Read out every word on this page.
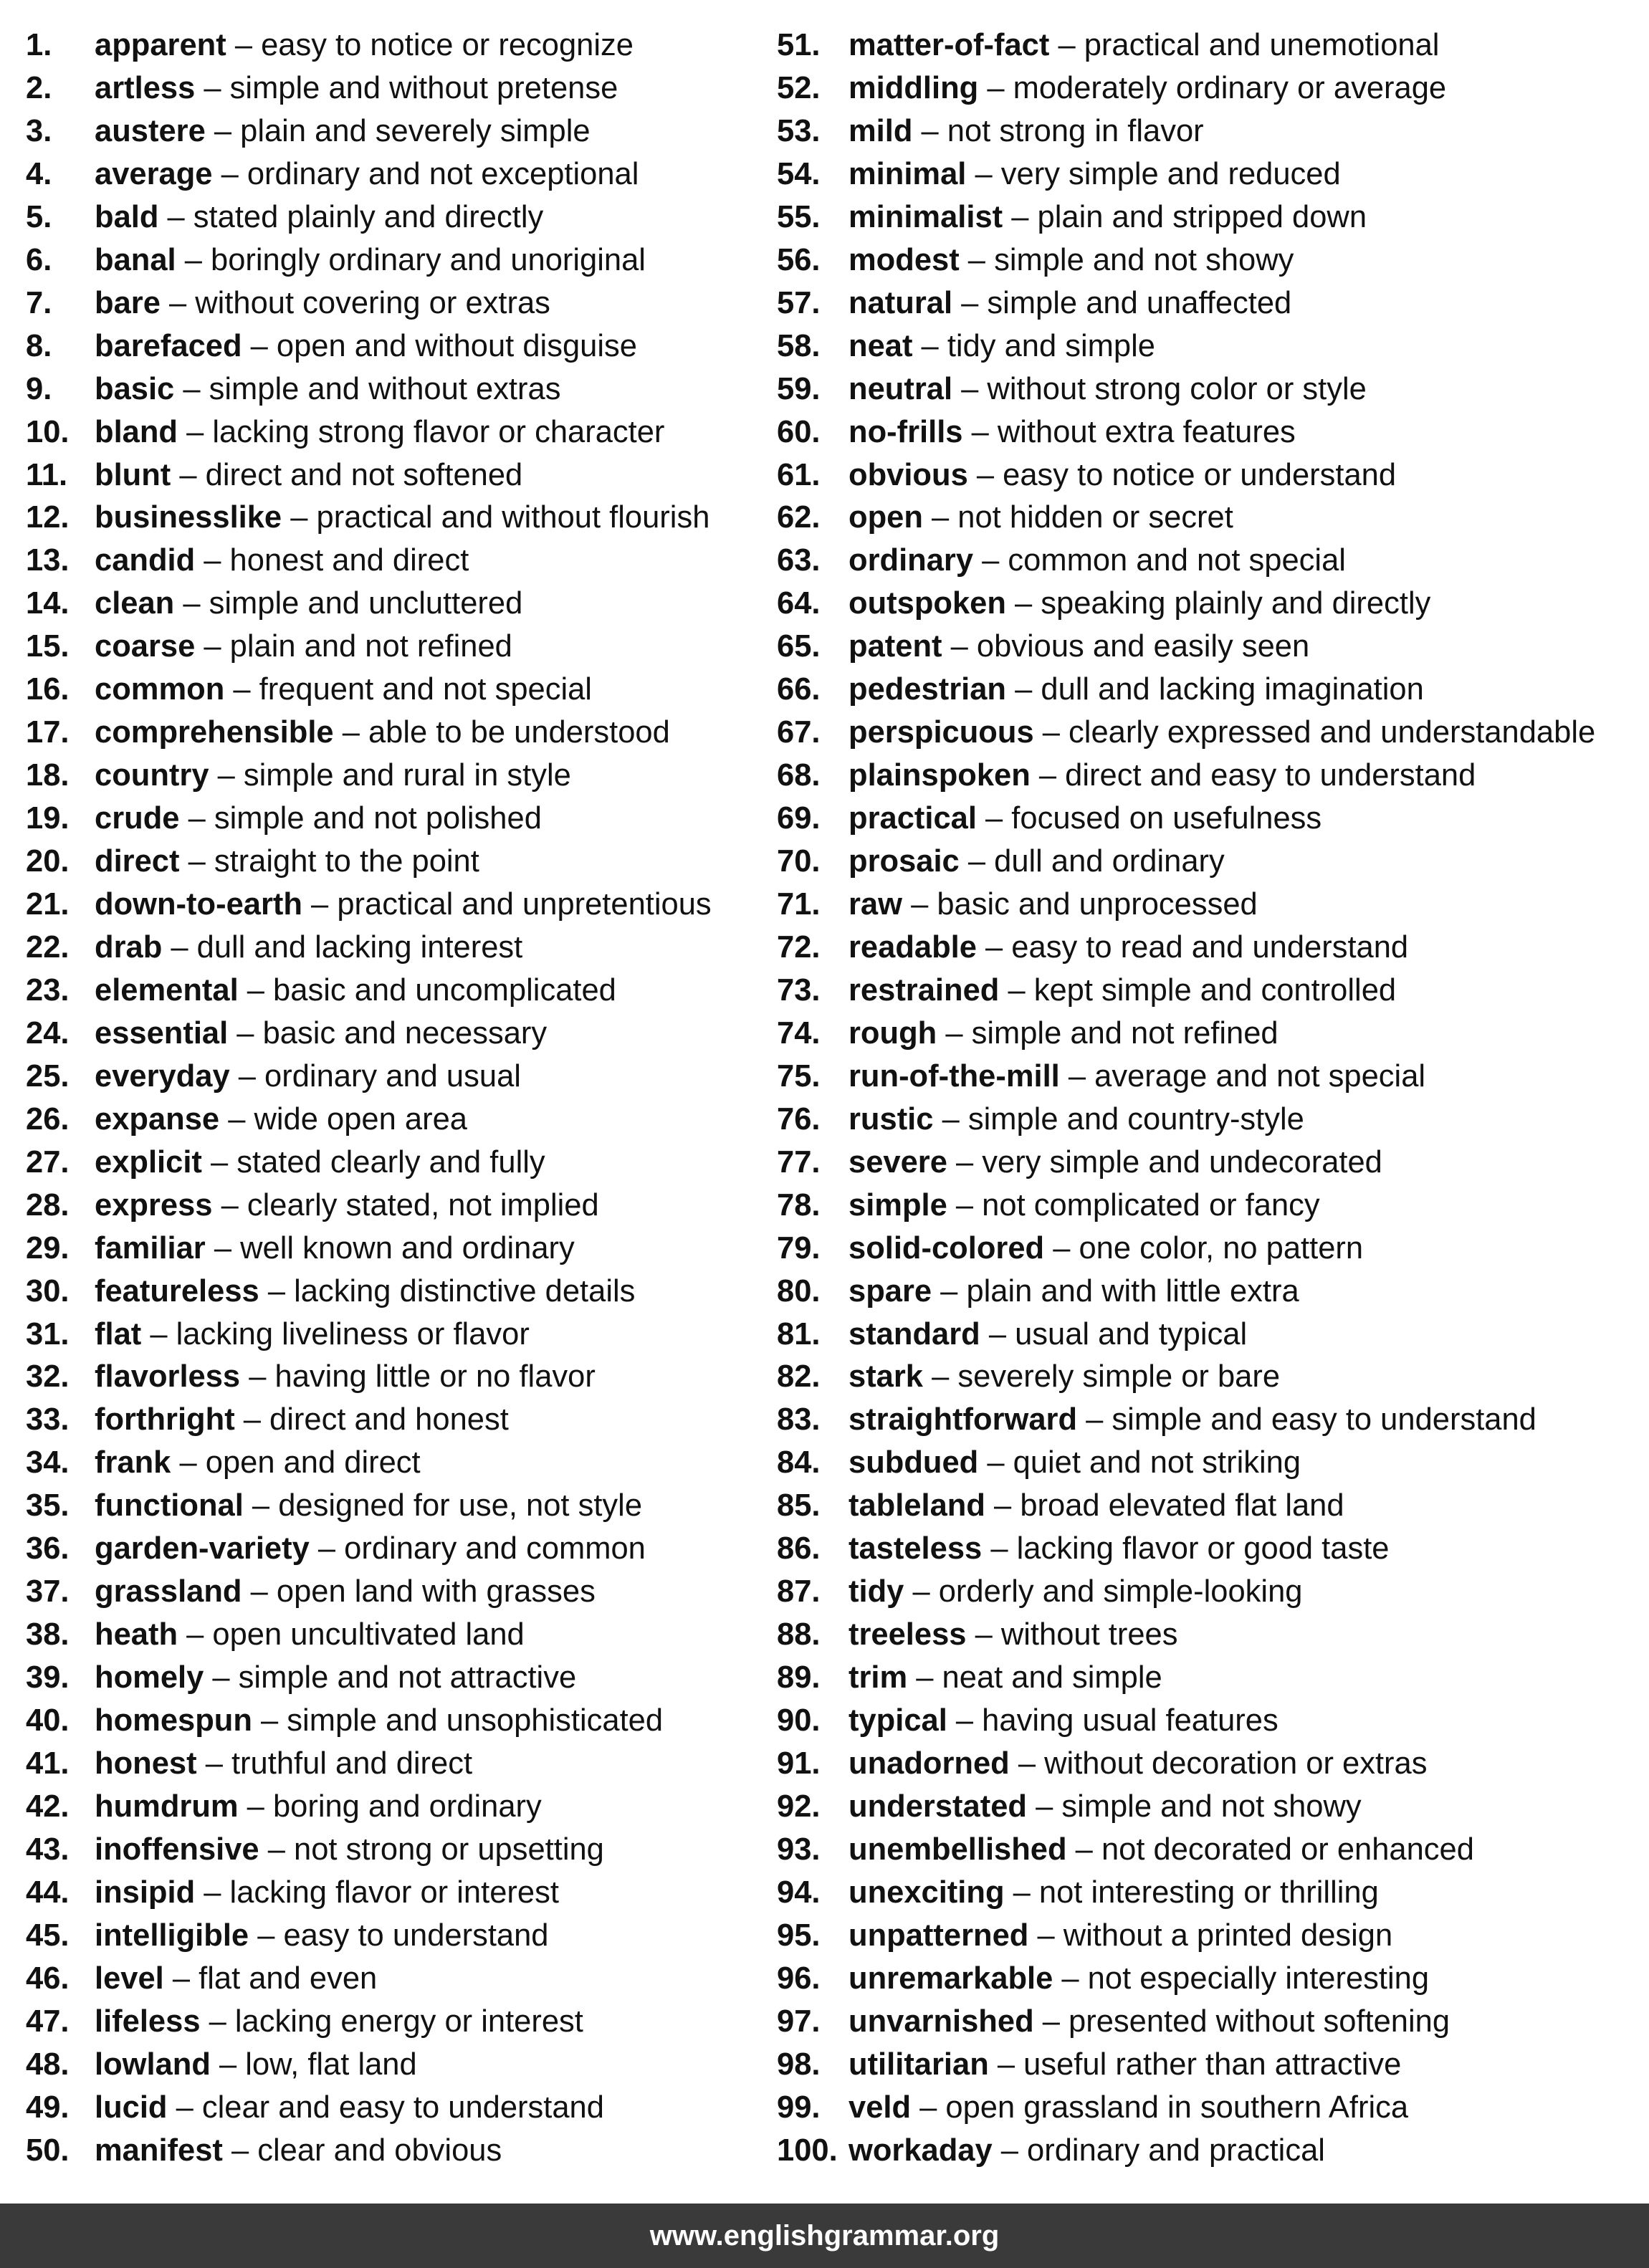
1. apparent – easy to notice or recognize
2. artless – simple and without pretense
3. austere – plain and severely simple
4. average – ordinary and not exceptional
5. bald – stated plainly and directly
6. banal – boringly ordinary and unoriginal
7. bare – without covering or extras
8. barefaced – open and without disguise
9. basic – simple and without extras
10. bland – lacking strong flavor or character
11. blunt – direct and not softened
12. businesslike – practical and without flourish
13. candid – honest and direct
14. clean – simple and uncluttered
15. coarse – plain and not refined
16. common – frequent and not special
17. comprehensible – able to be understood
18. country – simple and rural in style
19. crude – simple and not polished
20. direct – straight to the point
21. down-to-earth – practical and unpretentious
22. drab – dull and lacking interest
23. elemental – basic and uncomplicated
24. essential – basic and necessary
25. everyday – ordinary and usual
26. expanse – wide open area
27. explicit – stated clearly and fully
28. express – clearly stated, not implied
29. familiar – well known and ordinary
30. featureless – lacking distinctive details
31. flat – lacking liveliness or flavor
32. flavorless – having little or no flavor
33. forthright – direct and honest
34. frank – open and direct
35. functional – designed for use, not style
36. garden-variety – ordinary and common
37. grassland – open land with grasses
38. heath – open uncultivated land
39. homely – simple and not attractive
40. homespun – simple and unsophisticated
41. honest – truthful and direct
42. humdrum – boring and ordinary
43. inoffensive – not strong or upsetting
44. insipid – lacking flavor or interest
45. intelligible – easy to understand
46. level – flat and even
47. lifeless – lacking energy or interest
48. lowland – low, flat land
49. lucid – clear and easy to understand
50. manifest – clear and obvious
51. matter-of-fact – practical and unemotional
52. middling – moderately ordinary or average
53. mild – not strong in flavor
54. minimal – very simple and reduced
55. minimalist – plain and stripped down
56. modest – simple and not showy
57. natural – simple and unaffected
58. neat – tidy and simple
59. neutral – without strong color or style
60. no-frills – without extra features
61. obvious – easy to notice or understand
62. open – not hidden or secret
63. ordinary – common and not special
64. outspoken – speaking plainly and directly
65. patent – obvious and easily seen
66. pedestrian – dull and lacking imagination
67. perspicuous – clearly expressed and understandable
68. plainspoken – direct and easy to understand
69. practical – focused on usefulness
70. prosaic – dull and ordinary
71. raw – basic and unprocessed
72. readable – easy to read and understand
73. restrained – kept simple and controlled
74. rough – simple and not refined
75. run-of-the-mill – average and not special
76. rustic – simple and country-style
77. severe – very simple and undecorated
78. simple – not complicated or fancy
79. solid-colored – one color, no pattern
80. spare – plain and with little extra
81. standard – usual and typical
82. stark – severely simple or bare
83. straightforward – simple and easy to understand
84. subdued – quiet and not striking
85. tableland – broad elevated flat land
86. tasteless – lacking flavor or good taste
87. tidy – orderly and simple-looking
88. treeless – without trees
89. trim – neat and simple
90. typical – having usual features
91. unadorned – without decoration or extras
92. understated – simple and not showy
93. unembellished – not decorated or enhanced
94. unexciting – not interesting or thrilling
95. unpatterned – without a printed design
96. unremarkable – not especially interesting
97. unvarnished – presented without softening
98. utilitarian – useful rather than attractive
99. veld – open grassland in southern Africa
100. workaday – ordinary and practical
www.englishgrammar.org
